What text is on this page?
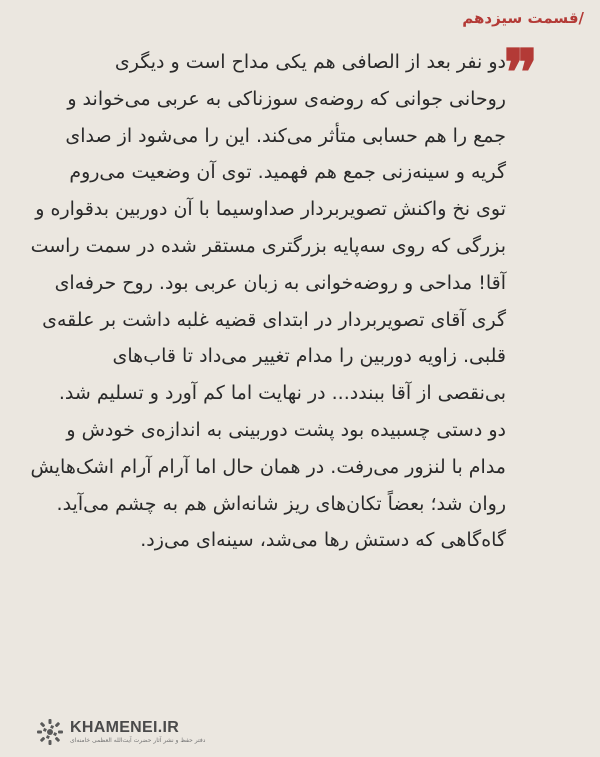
/قسمت سیزدهم
❞
دو نفر بعد از الصافی هم یکی مداح است و دیگری
روحانی جوانی که روضه‌ی سوزناکی به عربی می‌خواند و
جمع را هم حسابی متأثر می‌کند. این را می‌شود از صدای
گریه و سینه‌زنی جمع هم فهمید. توی آن وضعیت می‌روم
توی نخ واکنش تصویربردار صداوسیما با آن دوربین بدقواره و
بزرگی که روی سه‌پایه بزرگتری مستقر شده در سمت راست
آقا! مداحی و روضه‌خوانی به زبان عربی بود. روح حرفه‌ای
گری آقای تصویربردار در ابتدای قضیه غلبه داشت بر علقه‌ی
قلبی. زاویه دوربین را مدام تغییر می‌داد تا قاب‌های
بی‌نقصی از آقا ببندد... در نهایت اما کم آورد و تسلیم شد.
دو دستی چسبیده بود پشت دوربینی به اندازه‌ی خودش و
مدام با لنزور می‌رفت. در همان حال اما آرام آرام اشک‌هایش
روان شد؛ بعضاً تکان‌های ریز شانه‌اش هم به چشم می‌آید.
گاه‌گاهی که دستش رها می‌شد، سینه‌ای می‌زد.
KHAMENEI.IR
دفتر حفظ و نشر آثار حضرت آیت‌الله العظمی خامنه‌ای
